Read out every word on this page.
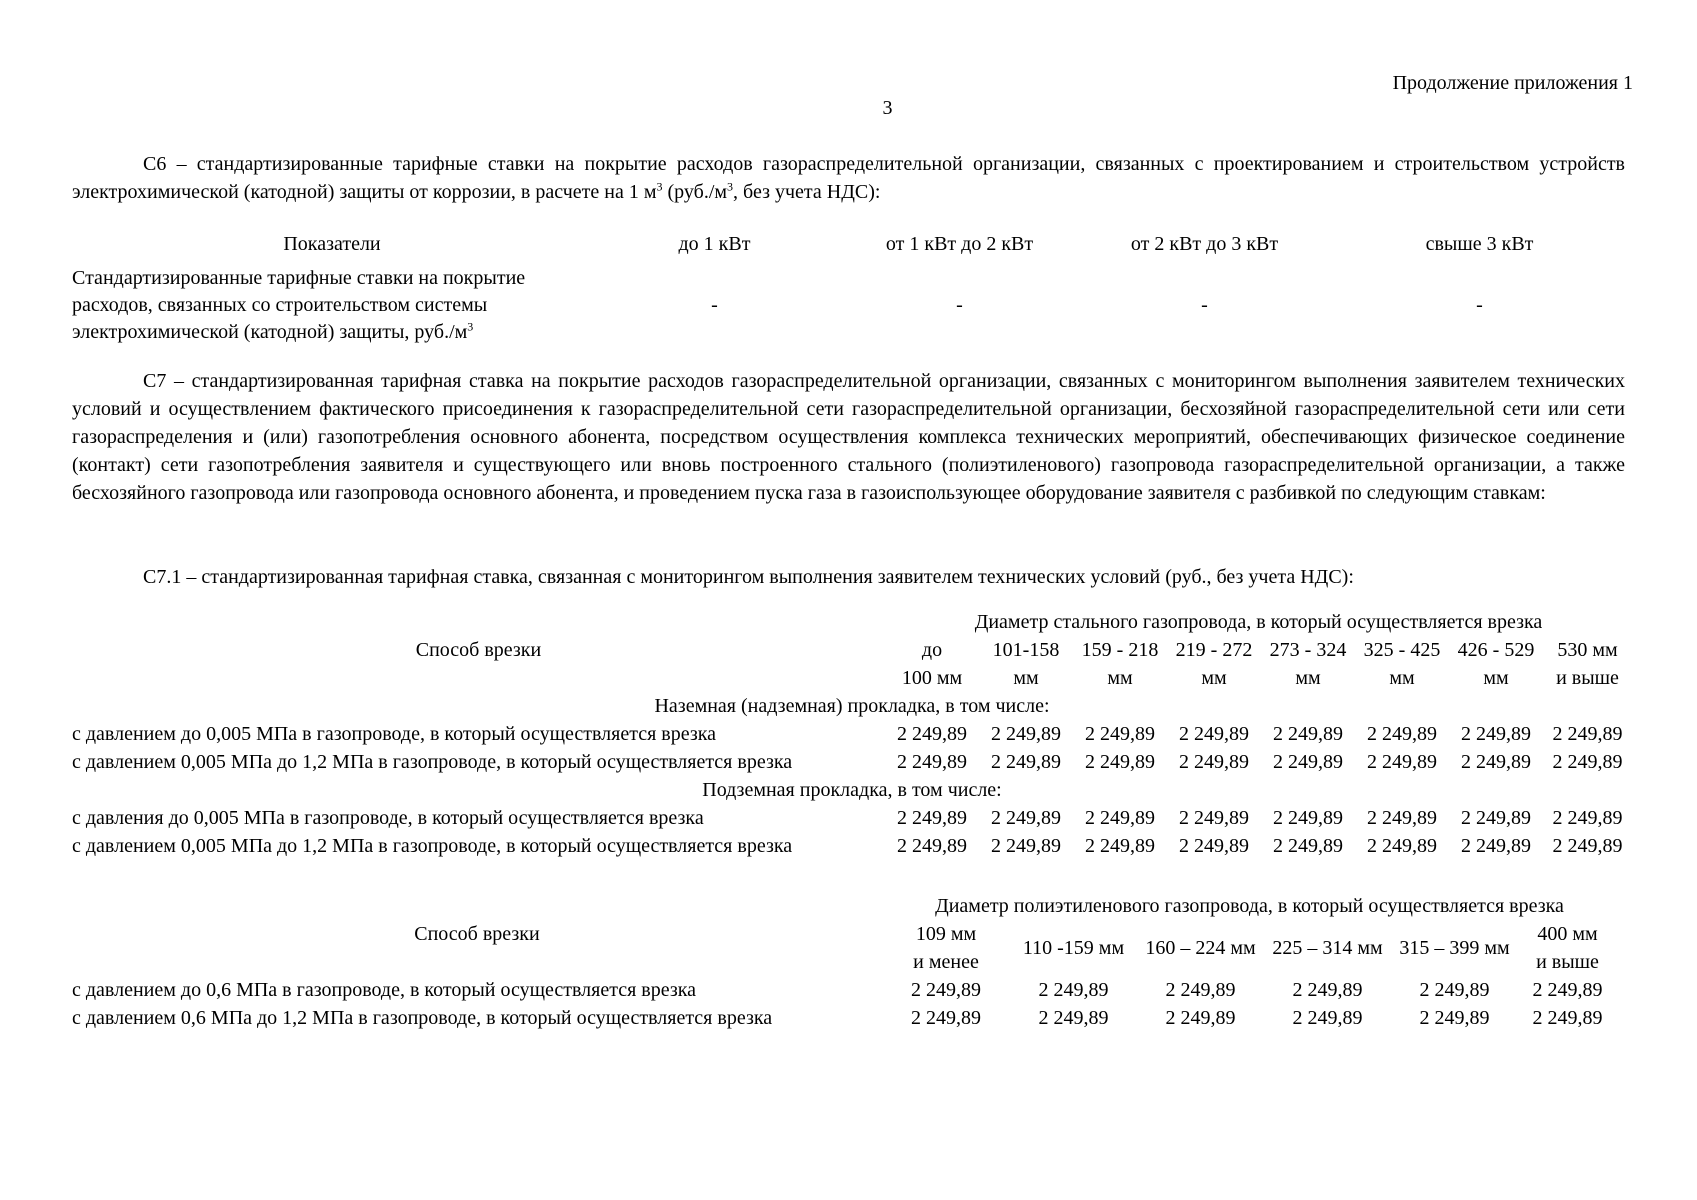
Продолжение приложения 1
3
С6 – стандартизированные тарифные ставки на покрытие расходов газораспределительной организации, связанных с проектированием и строительством устройств электрохимической (катодной) защиты от коррозии, в расчете на 1 $м^3$ ($руб./м^3$, без учета НДС):
Показатели	до 1 кВт	от 1 кВт до 2 кВт	от 2 кВт до 3 кВт	свыше 3 кВт
Стандартизированные тарифные ставки на покрытие расходов, связанных со строительством системы электрохимической (катодной) защиты, $руб./м^3$	-	-	-	-
С7 – стандартизированная тарифная ставка на покрытие расходов газораспределительной организации, связанных с мониторингом выполнения заявителем технических условий и осуществлением фактического присоединения к газораспределительной сети газораспределительной организации, бесхозяйной газораспределительной сети или сети газораспределения и (или) газопотребления основного абонента, посредством осуществления комплекса технических мероприятий, обеспечивающих физическое соединение (контакт) сети газопотребления заявителя и существующего или вновь построенного стального (полиэтиленового) газопровода газораспределительной организации, а также бесхозяйного газопровода или газопровода основного абонента, и проведением пуска газа в газоиспользующее оборудование заявителя с разбивкой по следующим ставкам:
С7.1 – стандартизированная тарифная ставка, связанная с мониторингом выполнения заявителем технических условий (руб., без учета НДС):
Способ врезки	Диаметр стального газопровода, в который осуществляется врезка							
	до	101-158	159 - 218	219 - 272	273 - 324	325 - 425	426 - 529	530 мм
	100 мм	мм	мм	мм	мм	мм	мм	и выше
Наземная (надземная) прокладка, в том числе:								
с давлением до 0,005 МПа в газопроводе, в который осуществляется врезка	2 249,89	2 249,89	2 249,89	2 249,89	2 249,89	2 249,89	2 249,89	2 249,89
с давлением 0,005 МПа до 1,2 МПа в газопроводе, в который осуществляется врезка	2 249,89	2 249,89	2 249,89	2 249,89	2 249,89	2 249,89	2 249,89	2 249,89
Подземная прокладка, в том числе:								
с давления до 0,005 МПа в газопроводе, в который осуществляется врезка	2 249,89	2 249,89	2 249,89	2 249,89	2 249,89	2 249,89	2 249,89	2 249,89
с давлением 0,005 МПа до 1,2 МПа в газопроводе, в который осуществляется врезка	2 249,89	2 249,89	2 249,89	2 249,89	2 249,89	2 249,89	2 249,89	2 249,89
Способ врезки	Диаметр полиэтиленового газопровода, в который осуществляется врезка					
	109 мм	110 -159 мм	160 – 224 мм	225 – 314 мм	315 – 399 мм	400 мм
	и менее					и выше
с давлением до 0,6 МПа в газопроводе, в который осуществляется врезка	2 249,89	2 249,89	2 249,89	2 249,89	2 249,89	2 249,89
с давлением 0,6 МПа до 1,2 МПа в газопроводе, в который осуществляется врезка	2 249,89	2 249,89	2 249,89	2 249,89	2 249,89	2 249,89
